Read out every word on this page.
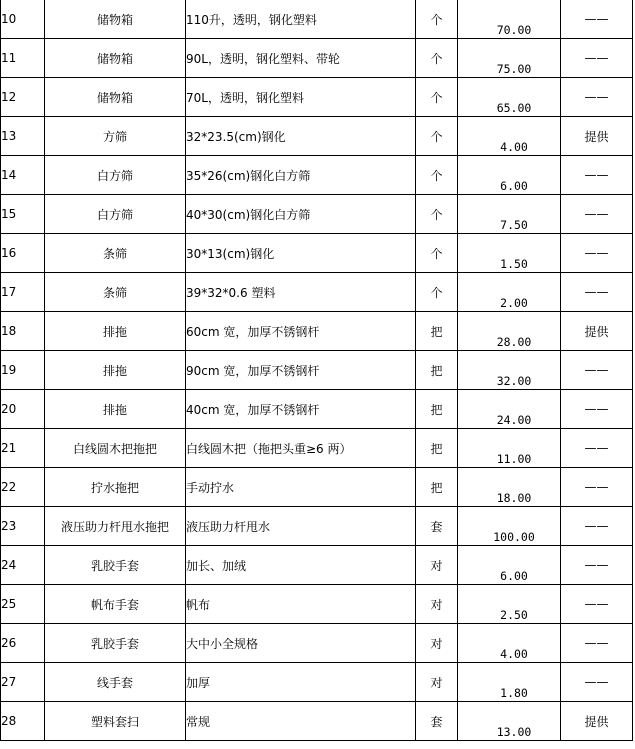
10	储物箱	110升，透明，钢化塑料	个	70.00	——
11	储物箱	90L，透明，钢化塑料、带轮	个	75.00	——
12	储物箱	70L，透明，钢化塑料	个	65.00	——
13	方筛	32*23.5(cm)钢化	个	4.00	提供
14	白方筛	35*26(cm)钢化白方筛	个	6.00	——
15	白方筛	40*30(cm)钢化白方筛	个	7.50	——
16	条筛	30*13(cm)钢化	个	1.50	——
17	条筛	39*32*0.6 塑料	个	2.00	——
18	排拖	60cm 宽，加厚不锈钢杆	把	28.00	提供
19	排拖	90cm 宽，加厚不锈钢杆	把	32.00	——
20	排拖	40cm 宽，加厚不锈钢杆	把	24.00	——
21	白线圆木把拖把	白线圆木把（拖把头重≥6 两）	把	11.00	——
22	拧水拖把	手动拧水	把	18.00	——
23	液压助力杆甩水拖把	液压助力杆甩水	套	100.00	——
24	乳胶手套	加长、加绒	对	6.00	——
25	帆布手套	帆布	对	2.50	——
26	乳胶手套	大中小全规格	对	4.00	——
27	线手套	加厚	对	1.80	——
28	塑料套扫	常规	套	13.00	提供
